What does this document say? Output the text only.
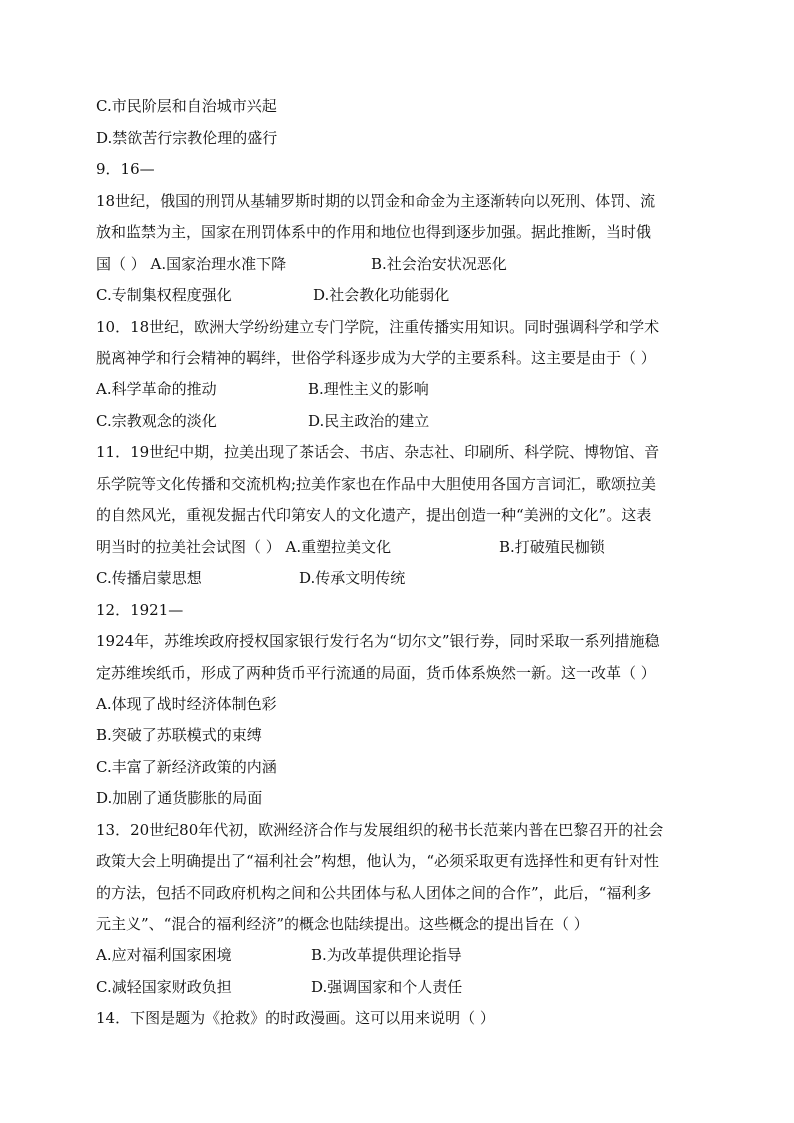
C.市民阶层和自治城市兴起
D.禁欲苦行宗教伦理的盛行
9．16—
18世纪，俄国的刑罚从基辅罗斯时期的以罚金和命金为主逐渐转向以死刑、体罚、流
放和监禁为主，国家在刑罚体系中的作用和地位也得到逐步加强。据此推断，当时俄
国（ ） A.国家治理水准下降	B.社会治安状况恶化
C.专制集权程度强化	D.社会教化功能弱化
10．18世纪，欧洲大学纷纷建立专门学院，注重传播实用知识。同时强调科学和学术
脱离神学和行会精神的羁绊，世俗学科逐步成为大学的主要系科。这主要是由于（ ）
A.科学革命的推动	B.理性主义的影响
C.宗教观念的淡化	D.民主政治的建立
11．19世纪中期，拉美出现了茶话会、书店、杂志社、印刷所、科学院、博物馆、音
乐学院等文化传播和交流机构;拉美作家也在作品中大胆使用各国方言词汇，歌颂拉美
的自然风光，重视发掘古代印第安人的文化遗产，提出创造一种“美洲的文化”。这表
明当时的拉美社会试图（ ） A.重塑拉美文化	B.打破殖民枷锁
C.传播启蒙思想	D.传承文明传统
12．1921—
1924年，苏维埃政府授权国家银行发行名为“切尔文”银行券，同时采取一系列措施稳
定苏维埃纸币，形成了两种货币平行流通的局面，货币体系焕然一新。这一改革（ ）
A.体现了战时经济体制色彩
B.突破了苏联模式的束缚
C.丰富了新经济政策的内涵
D.加剧了通货膨胀的局面
13．20世纪80年代初，欧洲经济合作与发展组织的秘书长范莱内普在巴黎召开的社会
政策大会上明确提出了“福利社会”构想，他认为，“必须采取更有选择性和更有针对性
的方法，包括不同政府机构之间和公共团体与私人团体之间的合作”，此后，“福利多
元主义”、“混合的福利经济”的概念也陆续提出。这些概念的提出旨在（ ）
A.应对福利国家困境	B.为改革提供理论指导
C.减轻国家财政负担	D.强调国家和个人责任
14．下图是题为《抢救》的时政漫画。这可以用来说明（ ）
